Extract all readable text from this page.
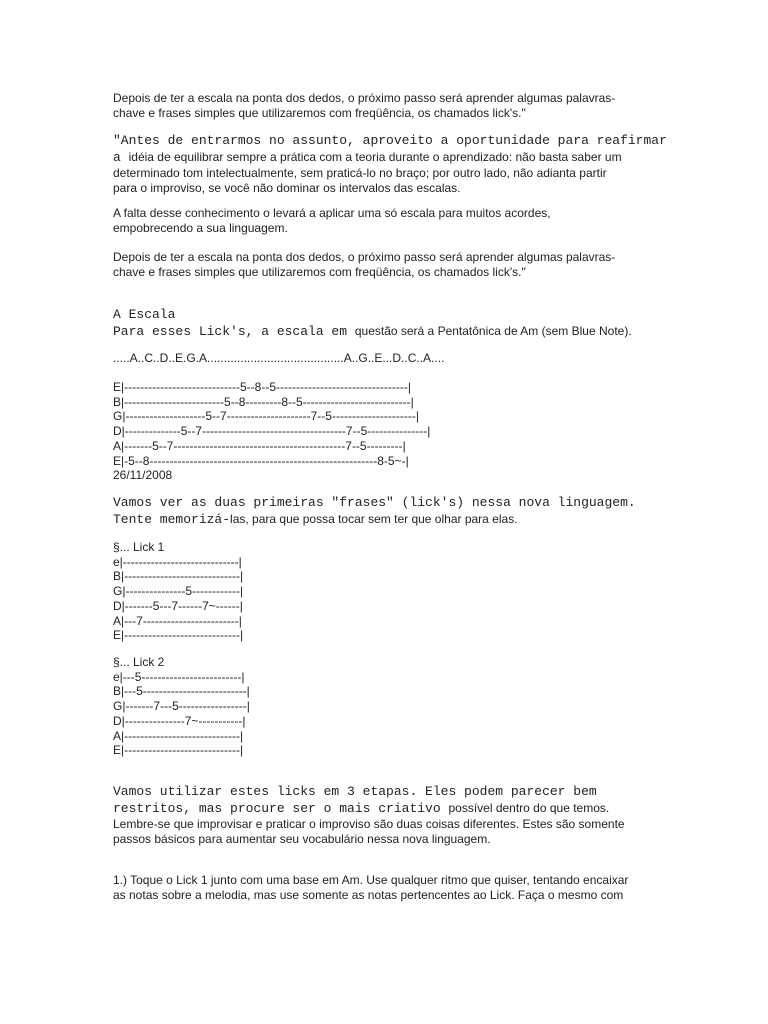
Depois de ter a escala na ponta dos dedos, o próximo passo será aprender algumas palavras-
chave e frases simples que utilizaremos com freqüência, os chamados lick's."

"Antes de entrarmos no assunto, aproveito a oportunidade para reafirmar
a idéia de equilibrar sempre a prática com a teoria durante o aprendizado: não basta saber um
determinado tom intelectualmente, sem praticá-lo no braço; por outro lado, não adianta partir
para o improviso, se você não dominar os intervalos das escalas.

A falta desse conhecimento o levará a aplicar uma só escala para muitos acordes,
empobrecendo a sua linguagem.

Depois de ter a escala na ponta dos dedos, o próximo passo será aprender algumas palavras-
chave e frases simples que utilizaremos com freqüência, os chamados lick's."

A Escala
Para esses Lick's, a escala em questão será a Pentatônica de Am (sem Blue Note).

.....A..C..D..E.G.A.........................................A..G..E...D..C..A....

E|-----------------------------5--8--5---------------------------------|
B|-------------------------5--8---------8--5---------------------------|
G|--------------------5--7---------------------7--5---------------------|
D|--------------5--7------------------------------------7--5---------------|
A|-------5--7-------------------------------------------7--5---------|
E|-5--8---------------------------------------------------------8-5~-|
26/11/2008

Vamos ver as duas primeiras "frases" (lick's) nessa nova linguagem.
Tente memorizá-las, para que possa tocar sem ter que olhar para elas.

§... Lick 1
e|-----------------------------|
B|-----------------------------|
G|---------------5------------|
D|-------5---7------7~------|
A|---7------------------------|
E|-----------------------------|
§... Lick 2
e|---5-------------------------|
B|---5--------------------------|
G|-------7---5-----------------|
D|---------------7~-----------|
A|-----------------------------|
E|-----------------------------|

Vamos utilizar estes licks em 3 etapas. Eles podem parecer bem
restritos, mas procure ser o mais criativo possível dentro do que temos.
Lembre-se que improvisar e praticar o improviso são duas coisas diferentes. Estes são somente
passos básicos para aumentar seu vocabulário nessa nova linguagem.

1.) Toque o Lick 1 junto com uma base em Am. Use qualquer ritmo que quiser, tentando encaixar
as notas sobre a melodia, mas use somente as notas pertencentes ao Lick. Faça o mesmo com
